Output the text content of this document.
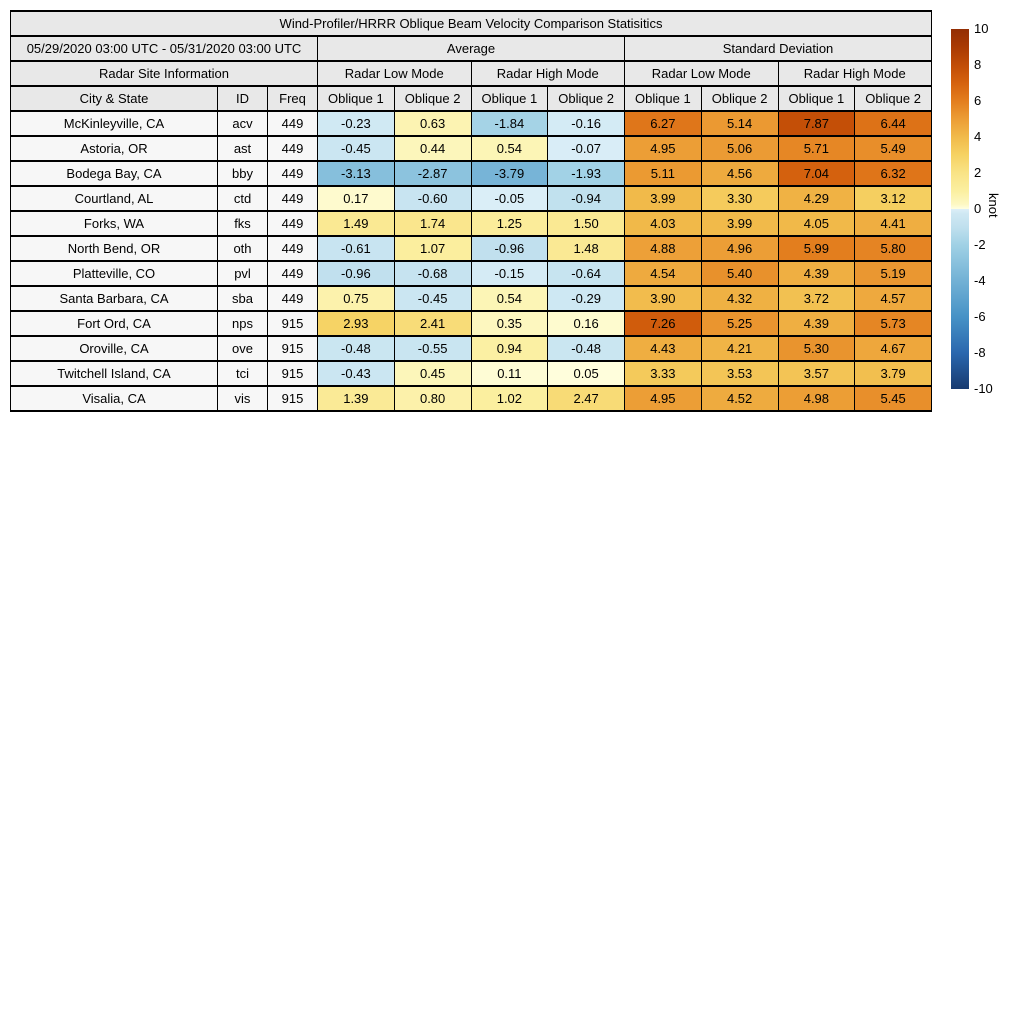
Wind-Profiler/HRRR Oblique Beam Velocity Comparison Statisitics										
05/29/2020 03:00 UTC - 05/31/2020 03:00 UTC			Average				Standard Deviation			
Radar Site Information			Radar Low Mode		Radar High Mode		Radar Low Mode		Radar High Mode	
City & State	ID	Freq	Oblique 1	Oblique 2	Oblique 1	Oblique 2	Oblique 1	Oblique 2	Oblique 1	Oblique 2
McKinleyville, CA	acv	449	-0.23	0.63	-1.84	-0.16	6.27	5.14	7.87	6.44
Astoria, OR	ast	449	-0.45	0.44	0.54	-0.07	4.95	5.06	5.71	5.49
Bodega Bay, CA	bby	449	-3.13	-2.87	-3.79	-1.93	5.11	4.56	7.04	6.32
Courtland, AL	ctd	449	0.17	-0.60	-0.05	-0.94	3.99	3.30	4.29	3.12
Forks, WA	fks	449	1.49	1.74	1.25	1.50	4.03	3.99	4.05	4.41
North Bend, OR	oth	449	-0.61	1.07	-0.96	1.48	4.88	4.96	5.99	5.80
Platteville, CO	pvl	449	-0.96	-0.68	-0.15	-0.64	4.54	5.40	4.39	5.19
Santa Barbara, CA	sba	449	0.75	-0.45	0.54	-0.29	3.90	4.32	3.72	4.57
Fort Ord, CA	nps	915	2.93	2.41	0.35	0.16	7.26	5.25	4.39	5.73
Oroville, CA	ove	915	-0.48	-0.55	0.94	-0.48	4.43	4.21	5.30	4.67
Twitchell Island, CA	tci	915	-0.43	0.45	0.11	0.05	3.33	3.53	3.57	3.79
Visalia, CA	vis	915	1.39	0.80	1.02	2.47	4.95	4.52	4.98	5.45
10
8
6
4
2
0
-2
-4
-6
-8
-10
knot
